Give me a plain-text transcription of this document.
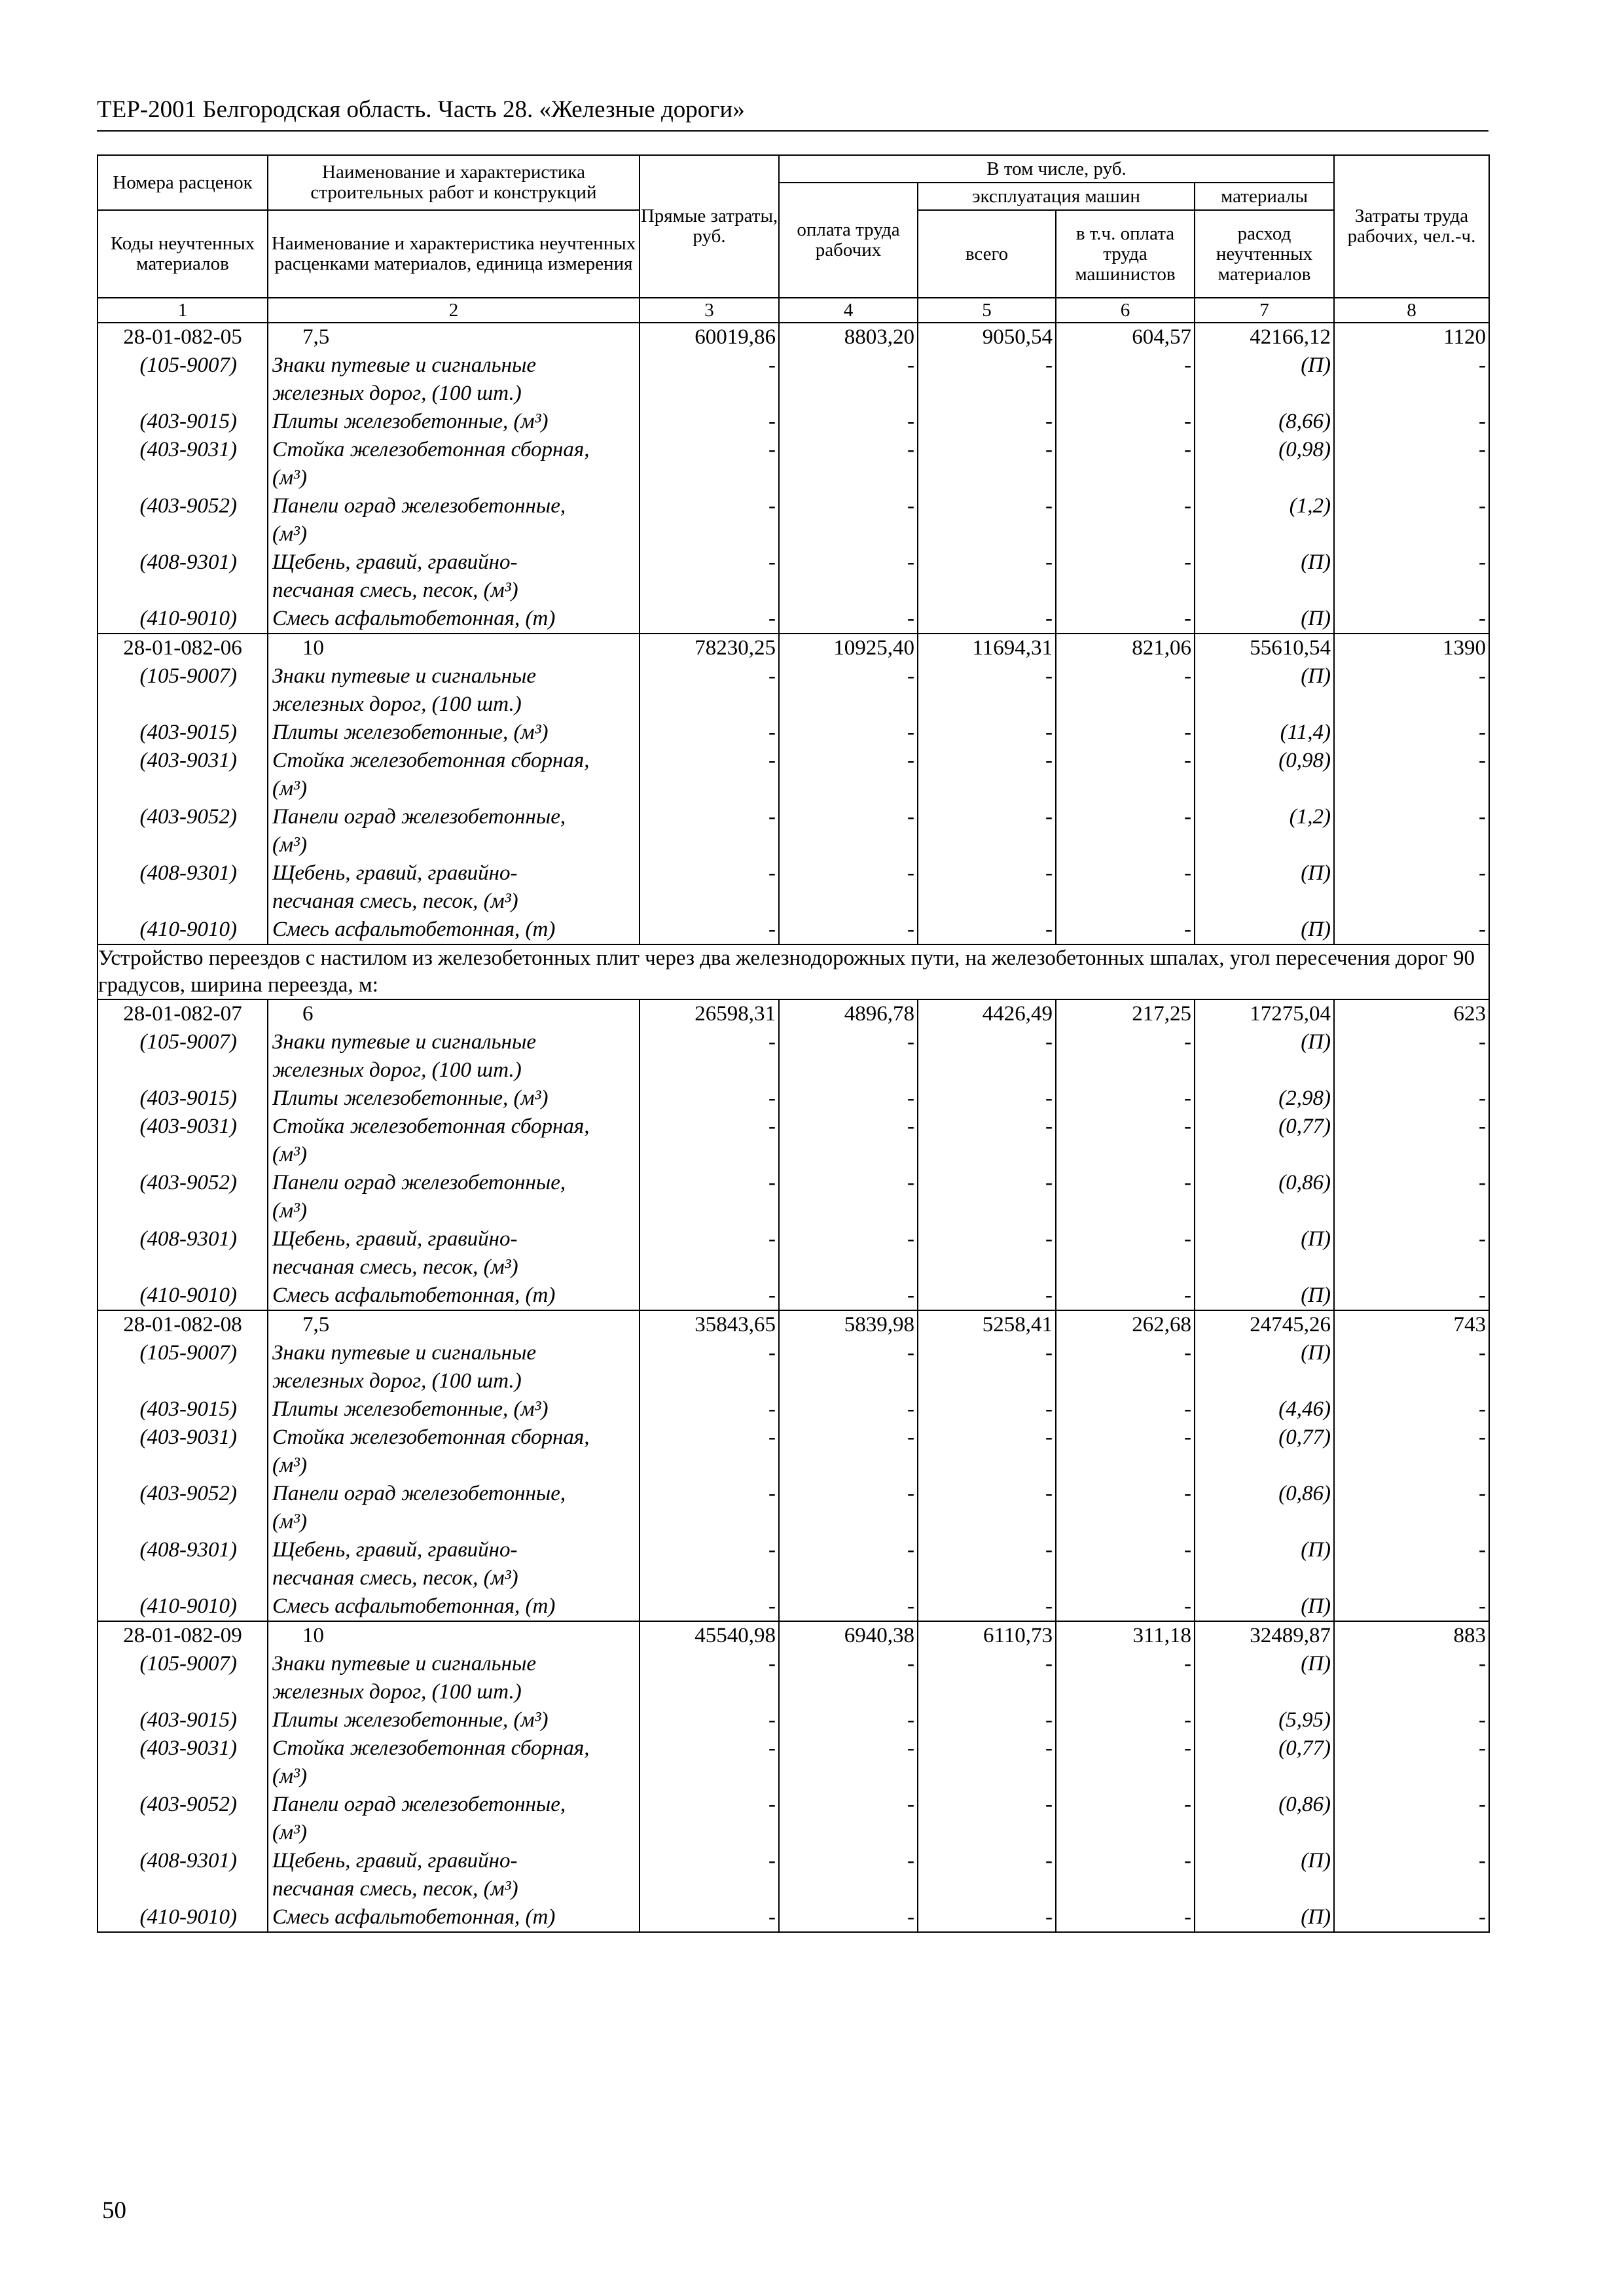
ТЕР-2001 Белгородская область. Часть 28. «Железные дороги»
Номера расценок	Наименование и характеристика строительных работ и конструкций	Прямые затраты, руб.	В том числе, руб.				Затраты труда рабочих, чел.-ч.
			оплата труда рабочих	эксплуатация машин		материалы	
Коды неучтенных материалов	Наименование и характеристика неучтенных расценками материалов, единица измерения			всего	в т.ч. оплата труда машинистов	расход неучтенных материалов	

1	2	3	4	5	6	7	8
28-01-082-05	7,5	60019,86	8803,20	9050,54	604,57	42166,12	1120
(105-9007)	Знаки путевые и сигнальные	-	-	-	-	(П)	-
	железных дорог, (100 шт.)						
(403-9015)	Плиты железобетонные, (м³)	-	-	-	-	(8,66)	-
(403-9031)	Стойка железобетонная сборная,	-	-	-	-	(0,98)	-
	(м³)						
(403-9052)	Панели оград железобетонные,	-	-	-	-	(1,2)	-
	(м³)						
(408-9301)	Щебень, гравий, гравийно-	-	-	-	-	(П)	-
	песчаная смесь, песок, (м³)						
(410-9010)	Смесь асфальтобетонная, (т)	-	-	-	-	(П)	-
28-01-082-06	10	78230,25	10925,40	11694,31	821,06	55610,54	1390
(105-9007)	Знаки путевые и сигнальные	-	-	-	-	(П)	-
	железных дорог, (100 шт.)						
(403-9015)	Плиты железобетонные, (м³)	-	-	-	-	(11,4)	-
(403-9031)	Стойка железобетонная сборная,	-	-	-	-	(0,98)	-
	(м³)						
(403-9052)	Панели оград железобетонные,	-	-	-	-	(1,2)	-
	(м³)						
(408-9301)	Щебень, гравий, гравийно-	-	-	-	-	(П)	-
	песчаная смесь, песок, (м³)						
(410-9010)	Смесь асфальтобетонная, (т)	-	-	-	-	(П)	-
Устройство переездов с настилом из железобетонных плит через два железнодорожных пути, на железобетонных шпалах, угол пересечения дорог 90 градусов, ширина переезда, м:							
28-01-082-07	6	26598,31	4896,78	4426,49	217,25	17275,04	623
(105-9007)	Знаки путевые и сигнальные	-	-	-	-	(П)	-
	железных дорог, (100 шт.)						
(403-9015)	Плиты железобетонные, (м³)	-	-	-	-	(2,98)	-
(403-9031)	Стойка железобетонная сборная,	-	-	-	-	(0,77)	-
	(м³)						
(403-9052)	Панели оград железобетонные,	-	-	-	-	(0,86)	-
	(м³)						
(408-9301)	Щебень, гравий, гравийно-	-	-	-	-	(П)	-
	песчаная смесь, песок, (м³)						
(410-9010)	Смесь асфальтобетонная, (т)	-	-	-	-	(П)	-
28-01-082-08	7,5	35843,65	5839,98	5258,41	262,68	24745,26	743
(105-9007)	Знаки путевые и сигнальные	-	-	-	-	(П)	-
	железных дорог, (100 шт.)						
(403-9015)	Плиты железобетонные, (м³)	-	-	-	-	(4,46)	-
(403-9031)	Стойка железобетонная сборная,	-	-	-	-	(0,77)	-
	(м³)						
(403-9052)	Панели оград железобетонные,	-	-	-	-	(0,86)	-
	(м³)						
(408-9301)	Щебень, гравий, гравийно-	-	-	-	-	(П)	-
	песчаная смесь, песок, (м³)						
(410-9010)	Смесь асфальтобетонная, (т)	-	-	-	-	(П)	-
28-01-082-09	10	45540,98	6940,38	6110,73	311,18	32489,87	883
(105-9007)	Знаки путевые и сигнальные	-	-	-	-	(П)	-
	железных дорог, (100 шт.)						
(403-9015)	Плиты железобетонные, (м³)	-	-	-	-	(5,95)	-
(403-9031)	Стойка железобетонная сборная,	-	-	-	-	(0,77)	-
	(м³)						
(403-9052)	Панели оград железобетонные,	-	-	-	-	(0,86)	-
	(м³)						
(408-9301)	Щебень, гравий, гравийно-	-	-	-	-	(П)	-
	песчаная смесь, песок, (м³)						
(410-9010)	Смесь асфальтобетонная, (т)	-	-	-	-	(П)	-
50
